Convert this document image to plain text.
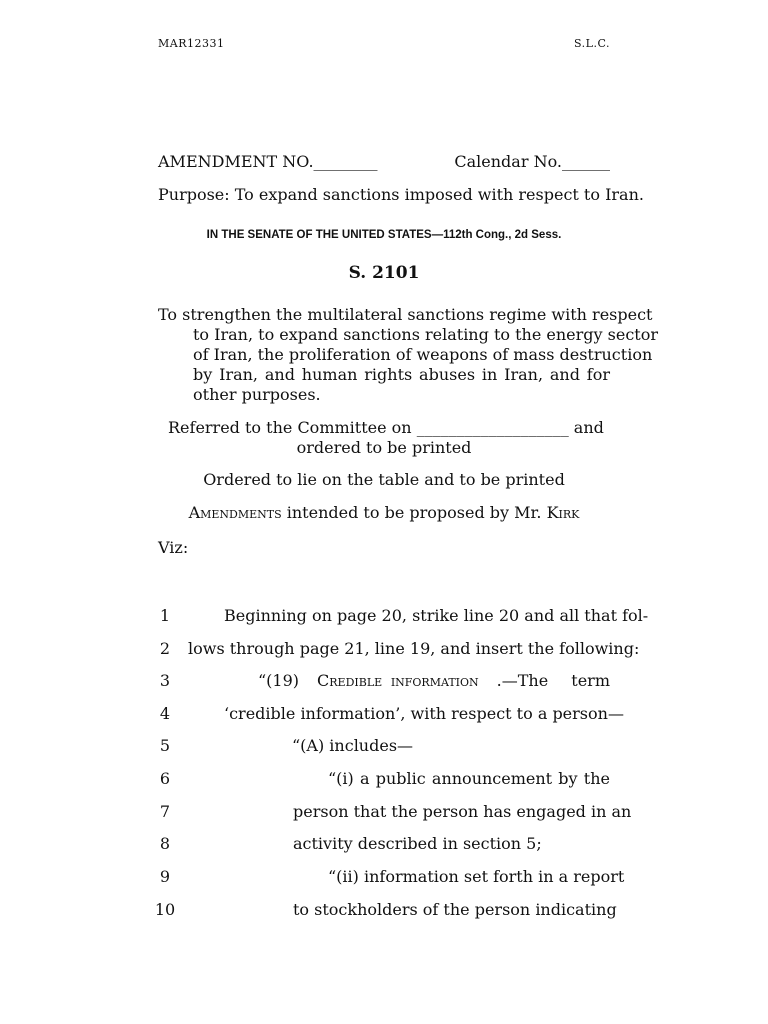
MAR12331	S.L.C.
AMENDMENT NO.________	Calendar No.______
Purpose: To expand sanctions imposed with respect to Iran.
IN THE SENATE OF THE UNITED STATES—112th Cong., 2d Sess.
S. 2101
To strengthen the multilateral sanctions regime with respect
to Iran, to expand sanctions relating to the energy sector
of Iran, the proliferation of weapons of mass destruction
by Iran, and human rights abuses in Iran, and for
other purposes.
Referred to the Committee on ___________________ and
ordered to be printed
Ordered to lie on the table and to be printed
Amendments intended to be proposed by Mr. Kirk
Viz:
1	Beginning on page 20, strike line 20 and all that fol-
2	lows through page 21, line 19, and insert the following:
3	“(19) Credible information .—The term
4	‘credible information’, with respect to a person—
5	“(A) includes—
6	“(i) a public announcement by the
7	person that the person has engaged in an
8	activity described in section 5;
9	“(ii) information set forth in a report
10	to stockholders of the person indicating
